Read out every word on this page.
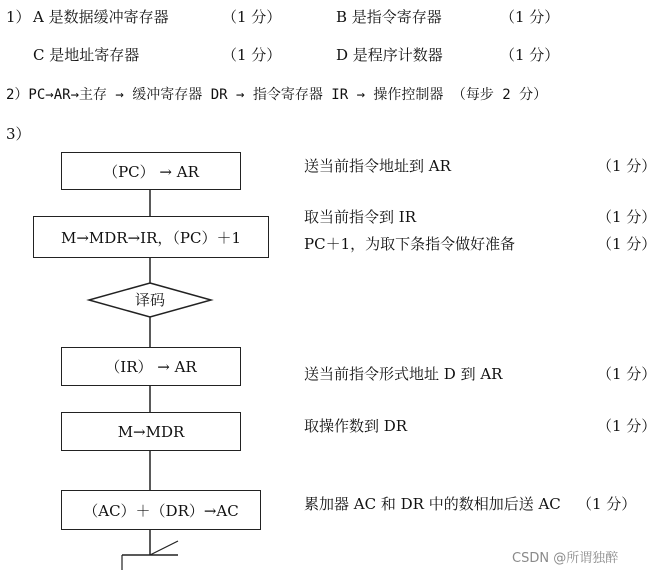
1） A 是数据缓冲寄存器	（1 分）	B 是指令寄存器	（1 分）
C 是地址寄存器	（1 分）	D 是程序计数器	（1 分）
2）PC→AR→主存 → 缓冲寄存器 DR → 指令寄存器 IR → 操作控制器 （每步 2 分）
3）
（PC） → AR
M→MDR→IR，（PC）＋1
译码
（IR） → AR
M→MDR
（AC）＋（DR）→AC
送当前指令地址到 AR	（1 分）
取当前指令到 IR	（1 分）
PC＋1，为取下条指令做好准备	（1 分）
送当前指令形式地址 D 到 AR	（1 分）
取操作数到 DR	（1 分）
累加器 AC 和 DR 中的数相加后送 AC （1 分）
CSDN @所谓独醉
